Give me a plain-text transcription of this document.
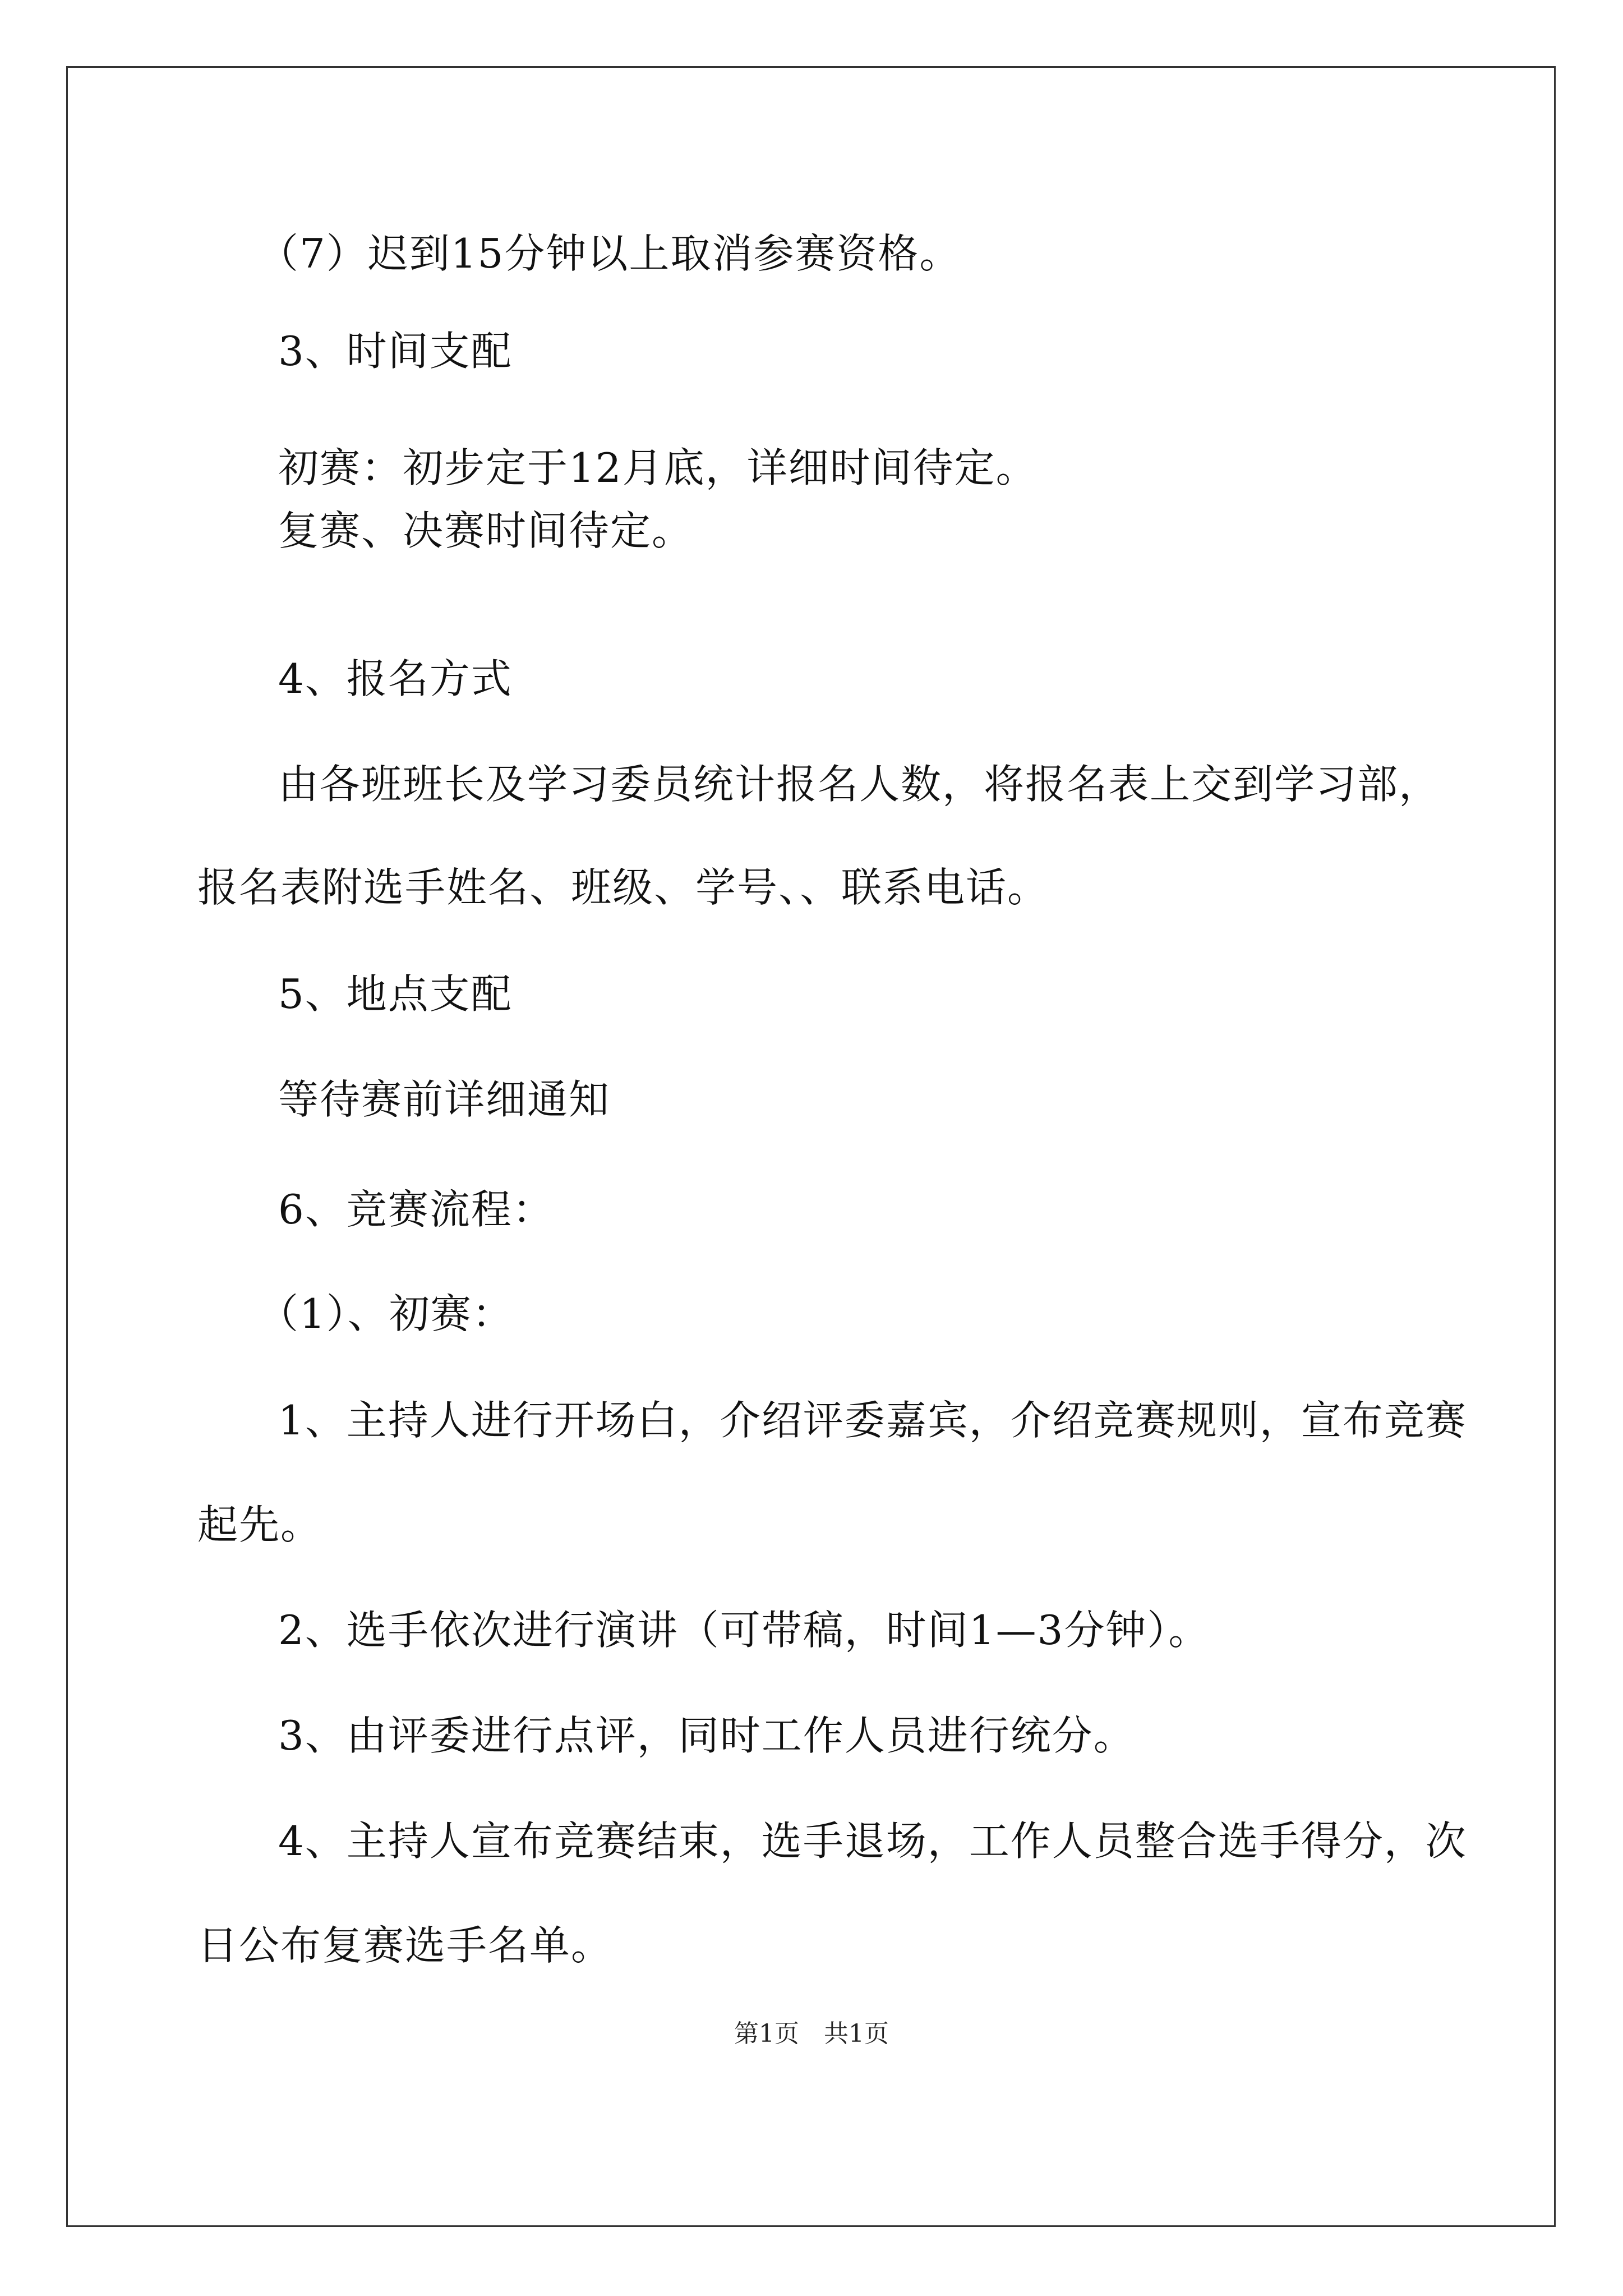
（7）迟到15分钟以上取消参赛资格。
3、时间支配
初赛：初步定于12月底，详细时间待定。
复赛、决赛时间待定。
4、报名方式
由各班班长及学习委员统计报名人数，将报名表上交到学习部，
报名表附选手姓名、班级、学号、、联系电话。
5、地点支配
等待赛前详细通知
6、竞赛流程：
（1）、初赛：
1、主持人进行开场白，介绍评委嘉宾，介绍竞赛规则，宣布竞赛
起先。
2、选手依次进行演讲（可带稿，时间1—3分钟）。
3、由评委进行点评，同时工作人员进行统分。
4、主持人宣布竞赛结束，选手退场，工作人员整合选手得分，次
日公布复赛选手名单。
第1页　共1页
